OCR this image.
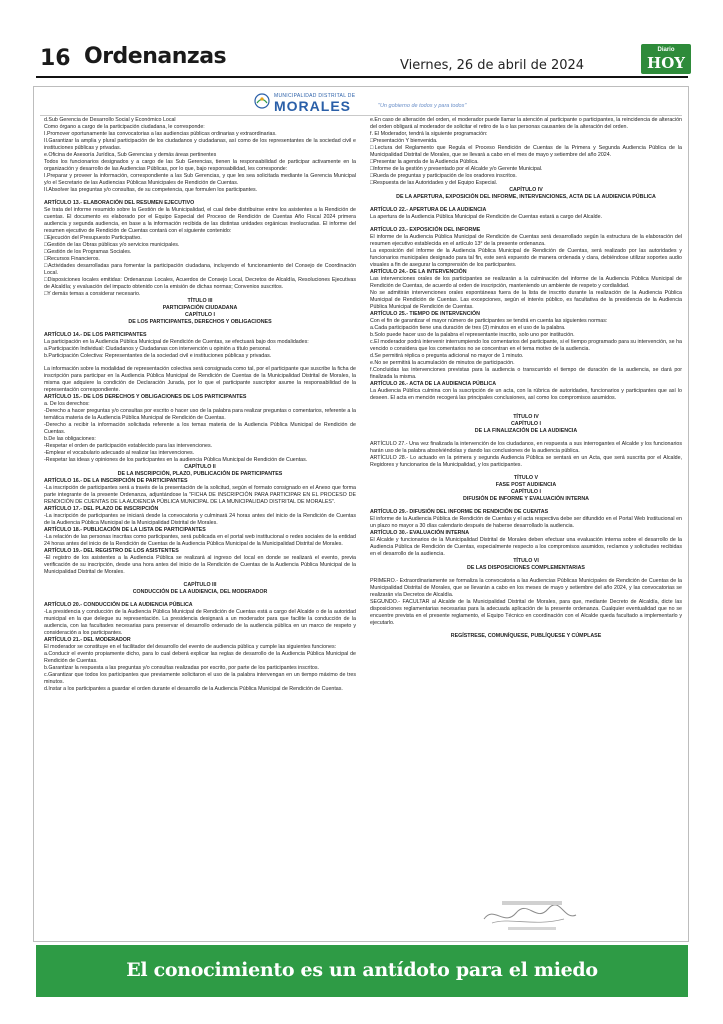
16 Ordenanzas	Viernes, 26 de abril de 2024
Diario
HOY
MUNICIPALIDAD DISTRITAL DE
MORALES	"Un gobierno de todos y para todos"

d.Sub Gerencia de Desarrollo Social y Económico Local

Como órgano a cargo de la participación ciudadana, le corresponde:

I.Promover oportunamente las convocatorias a las audiencias públicas ordinarias y extraordinarias.

II.Garantizar la amplia y plural participación de los ciudadanos y ciudadanas, así como de los representantes de la sociedad civil e instituciones públicas y privadas.

e.Oficina de Asesoría Jurídica, Sub Gerencias y demás áreas pertinentes

Todos los funcionarios designados y a cargo de las Sub Gerencias, tienen la responsabilidad de participar activamente en la organización y desarrollo de las Audiencias Públicas, por lo que, bajo responsabilidad, les corresponde:

I.Preparar y proveer la información, correspondiente a las Sub Gerencias, y que les sea solicitada mediante la Gerencia Municipal y/o el Secretario de las Audiencias Públicas Municipales de Rendición de Cuentas.

II.Absolver las preguntas y/o consultas, de su competencia, que formulen los participantes.

ARTÍCULO 13.- ELABORACIÓN DEL RESUMEN EJECUTIVO

Se trata del informe resumido sobre la Gestión de la Municipalidad, el cual debe distribuirse entre los asistentes a la Rendición de cuentas. El documento es elaborado por el Equipo Especial del Proceso de Rendición de Cuentas Año Fiscal 2024 primera audiencia y segunda audiencia, en base a la información recibida de las distintas unidades orgánicas involucradas. El informe del resumen ejecutivo de Rendición de Cuentas contará con el siguiente contenido:

□Ejecución del Presupuesto Participativo.

□Gestión de las Obras públicas y/o servicios municipales.

□Gestión de los Programas Sociales.

□Recursos Financieros.

□Actividades desarrolladas para fomentar la participación ciudadana, incluyendo el funcionamiento del Consejo de Coordinación Local.

□Disposiciones locales emitidas: Ordenanzas Locales, Acuerdos de Consejo Local, Decretos de Alcaldía, Resoluciones Ejecutivas de Alcaldía; y evaluación del impacto obtenido con la emisión de dichas normas; Convenios suscritos.

□Y demás temas a considerar necesario.

TÍTULO III

PARTICIPACIÓN CIUDADANA

CAPÍTULO I

DE LOS PARTICIPANTES, DERECHOS Y OBLIGACIONES

ARTÍCULO 14.- DE LOS PARTICIPANTES

La participación en la Audiencia Pública Municipal de Rendición de Cuentas, se efectuará bajo dos modalidades:

a.Participación Individual: Ciudadanos y Ciudadanas con intervención u opinión a título personal.

b.Participación Colectiva: Representantes de la sociedad civil e instituciones públicas y privadas.

La información sobre la modalidad de representación colectiva será consignada como tal, por el participante que suscribe la ficha de inscripción para participar en la Audiencia Pública Municipal de Rendición de Cuentas de la Municipalidad Distrital de Morales, la misma que adquiere la condición de Declaración Jurada, por lo que el participante suscriptor asume la responsabilidad de la representación correspondiente.

ARTÍCULO 15.- DE LOS DERECHOS Y OBLIGACIONES DE LOS PARTICIPANTES

a. De los derechos:

-Derecho a hacer preguntas y/o consultas por escrito o hacer uso de la palabra para realizar preguntas o comentarios, referente a la temática materia de la Audiencia Pública Municipal de Rendición de Cuentas.

-Derecho a recibir la información solicitada referente a los temas materia de la Audiencia Pública Municipal de Rendición de Cuentas.

b.De las obligaciones:

-Respetar el orden de participación establecido para las intervenciones.

-Emplear el vocabulario adecuado al realizar las intervenciones.

-Respetar las ideas y opiniones de los participantes en la audiencia Pública Municipal de Rendición de Cuentas.

CAPÍTULO II

DE LA INSCRIPCIÓN, PLAZO, PUBLICACIÓN DE PARTICIPANTES

ARTÍCULO 16.- DE LA INSCRIPCIÓN DE PARTICIPANTES

-La inscripción de participantes será a través de la presentación de la solicitud, según el formato consignado en el Anexo que forma parte integrante de la presente Ordenanza, adjuntándose la "FICHA DE INSCRIPCIÓN PARA PARTICIPAR EN EL PROCESO DE RENDICIÓN DE CUENTAS DE LA AUDIENCIA PÚBLICA MUNICIPAL DE LA MUNICIPALIDAD DISTRITAL DE MORALES".

ARTÍCULO 17.- DEL PLAZO DE INSCRIPCIÓN

-La inscripción de participantes se iniciará desde la convocatoria y culminará 24 horas antes del inicio de la Rendición de Cuentas de la Audiencia Pública Municipal de la Municipalidad Distrital de Morales.

ARTÍCULO 18.- PUBLICACIÓN DE LA LISTA DE PARTICIPANTES

-La relación de las personas inscritas como participantes, será publicada en el portal web institucional o redes sociales de la entidad 24 horas antes del inicio de la Rendición de Cuentas de la Audiencia Pública Municipal de la Municipalidad Distrital de Morales.

ARTÍCULO 19.- DEL REGISTRO DE LOS ASISTENTES

-El registro de los asistentes a la Audiencia Pública se realizará al ingreso del local en donde se realizará el evento, previa verificación de su inscripción, desde una hora antes del inicio de la Rendición de Cuentas de la Audiencia Pública Municipal de la Municipalidad Distrital de Morales.

CAPÍTULO III

CONDUCCIÓN DE LA AUDIENCIA, DEL MODERADOR

ARTÍCULO 20.- CONDUCCIÓN DE LA AUDIENCIA PÚBLICA

-La presidencia y conducción de la Audiencia Pública Municipal de Rendición de Cuentas está a cargo del Alcalde o de la autoridad municipal en la que delegue su representación. La presidencia designará a un moderador para que facilite la conducción de la audiencia, con las facultades necesarias para preservar el desarrollo ordenado de la audiencia pública en un marco de respeto y consideración a los participantes.

ARTÍCULO 21.- DEL MODERADOR

El moderador se constituye en el facilitador del desarrollo del evento de audiencia pública y cumple las siguientes funciones:

a.Conducir el evento propiamente dicho, para lo cual deberá explicar las reglas de desarrollo de la Audiencia Pública Municipal de Rendición de Cuentas.

b.Garantizar la respuesta a las preguntas y/o consultas realizadas por escrito, por parte de los participantes inscritos.

c.Garantizar que todos los participantes que previamente solicitaron el uso de la palabra intervengan en un tiempo máximo de tres minutos.

d.Instar a los participantes a guardar el orden durante el desarrollo de la Audiencia Pública Municipal de Rendición de Cuentas.

e.En caso de alteración del orden, el moderador puede llamar la atención al participante o participantes, la reincidencia de alteración del orden obligará al moderador de solicitar el retiro de la o las personas causantes de la alteración del orden.

f. El Moderador, tendrá la siguiente programación:

□Presentación Y bienvenida.

□Lectura del Reglamento que Regula el Proceso Rendición de Cuentas de la Primera y Segunda Audiencia Pública de la Municipalidad Distrital de Morales, que se llevará a cabo en el mes de mayo y setiembre del año 2024.

□Presentar la agenda de la Audiencia Pública.

□Informe de la gestión y presentado por el Alcalde y/o Gerente Municipal.

□Rueda de preguntas y participación de los oradores inscritos.

□Respuesta de las Autoridades y del Equipo Especial.

CAPÍTULO IV

DE LA APERTURA, EXPOSICIÓN DEL INFORME, INTERVENCIONES, ACTA DE LA AUDIENCIA PÚBLICA

ARTÍCULO 22.- APERTURA DE LA AUDIENCIA

La apertura de la Audiencia Pública Municipal de Rendición de Cuentas estará a cargo del Alcalde.

ARTÍCULO 23.- EXPOSICIÓN DEL INFORME

El informe de la Audiencia Pública Municipal de Rendición de Cuentas será desarrollado según la estructura de la elaboración del resumen ejecutivo establecida en el artículo 13° de la presente ordenanza.

La exposición del informe de la Audiencia Pública Municipal de Rendición de Cuentas, será realizado por las autoridades y funcionarios municipales designado para tal fin, este será expuesto de manera ordenada y clara, debiéndose utilizar soportes audio visuales a fin de asegurar la comprensión de los participantes.

ARTÍCULO 24.- DE LA INTERVENCIÓN

Las intervenciones orales de los participantes se realizarán a la culminación del informe de la Audiencia Pública Municipal de Rendición de Cuentas, de acuerdo al orden de inscripción, manteniendo un ambiente de respeto y cordialidad.

No se admitirán intervenciones orales espontáneas fuera de la lista de inscrito durante la realización de la Audiencia Pública Municipal de Rendición de Cuentas. Las excepciones, según el interés público, es facultativa de la presidencia de la Audiencia Pública Municipal de Rendición de Cuentas.

ARTÍCULO 25.- TIEMPO DE INTERVENCIÓN

Con el fin de garantizar el mayor número de participantes se tendrá en cuenta las siguientes normas:

a.Cada participación tiene una duración de tres (3) minutos en el uso de la palabra.

b.Solo puede hacer uso de la palabra el representante inscrito, solo uno por institución.

c.El moderador podrá intervenir interrumpiendo los comentarios del participante, si el tiempo programado para su intervención, se ha vencido o considera que los comentarios no se concentran en el tema motivo de la audiencia.

d.Se permitirá réplica o pregunta adicional no mayor de 1 minuto.

e.No se permitirá la acumulación de minutos de participación.

f.Concluidas las intervenciones previstas para la audiencia o transcurrido el tiempo de duración de la audiencia, se dará por finalizada la misma.

ARTÍCULO 26.- ACTA DE LA AUDIENCIA PÚBLICA

La Audiencia Pública culmina con la suscripción de un acta, con la rúbrica de autoridades, funcionarios y participantes que así lo deseen. El acta en mención recogerá las principales conclusiones, así como los compromisos asumidos.

TÍTULO IV

CAPÍTULO I

DE LA FINALIZACIÓN DE LA AUDIENCIA

ARTÍCULO 27.- Una vez finalizada la intervención de los ciudadanos, en respuesta a sus interrogantes el Alcalde y los funcionarios harán uso de la palabra absolviéndolas y dando las conclusiones de la audiencia pública.

ARTÍCULO 28.- Lo actuado en la primera y segunda Audiencia Pública se sentará en un Acta, que será suscrita por el Alcalde, Regidores y funcionarios de la Municipalidad, y los participantes.

TÍTULO V

FASE POST AUDIENCIA

CAPÍTULO I

DIFUSIÓN DE INFORME Y EVALUACIÓN INTERNA

ARTÍCULO 29.- DIFUSIÓN DEL INFORME DE RENDICIÓN DE CUENTAS

El informe de la Audiencia Pública de Rendición de Cuentas y el acta respectiva debe ser difundido en el Portal Web Institucional en un plazo no mayor a 30 días calendario después de haberse desarrollado la audiencia.

ARTÍCULO 30.- EVALUACIÓN INTERNA

El Alcalde y funcionarios de la Municipalidad Distrital de Morales deben efectuar una evaluación interna sobre el desarrollo de la Audiencia Pública de Rendición de Cuentas, especialmente respecto a los compromisos asumidos, reclamos y solicitudes recibidas en el desarrollo de la audiencia.

TÍTULO VI

DE LAS DISPOSICIONES COMPLEMENTARIAS

PRIMERO.- Extraordinariamente se formaliza la convocatoria a las Audiencias Públicas Municipales de Rendición de Cuentas de la Municipalidad Distrital de Morales, que se llevarán a cabo en los meses de mayo y setiembre del año 2024, y las convocatorias se realizarán vía Decretos de Alcaldía.

SEGUNDO.- FACULTAR al Alcalde de la Municipalidad Distrital de Morales, para que, mediante Decreto de Alcaldía, dicte las disposiciones reglamentarias necesarias para la adecuada aplicación de la presente ordenanza. Cualquier eventualidad que no se encuentre prevista en el presente reglamento, el Equipo Técnico en coordinación con el Alcalde queda facultado a implementarlo y ejecutarlo.

REGÍSTRESE, COMUNÍQUESE, PUBLÍQUESE Y CÚMPLASE

El conocimiento es un antídoto para el miedo
